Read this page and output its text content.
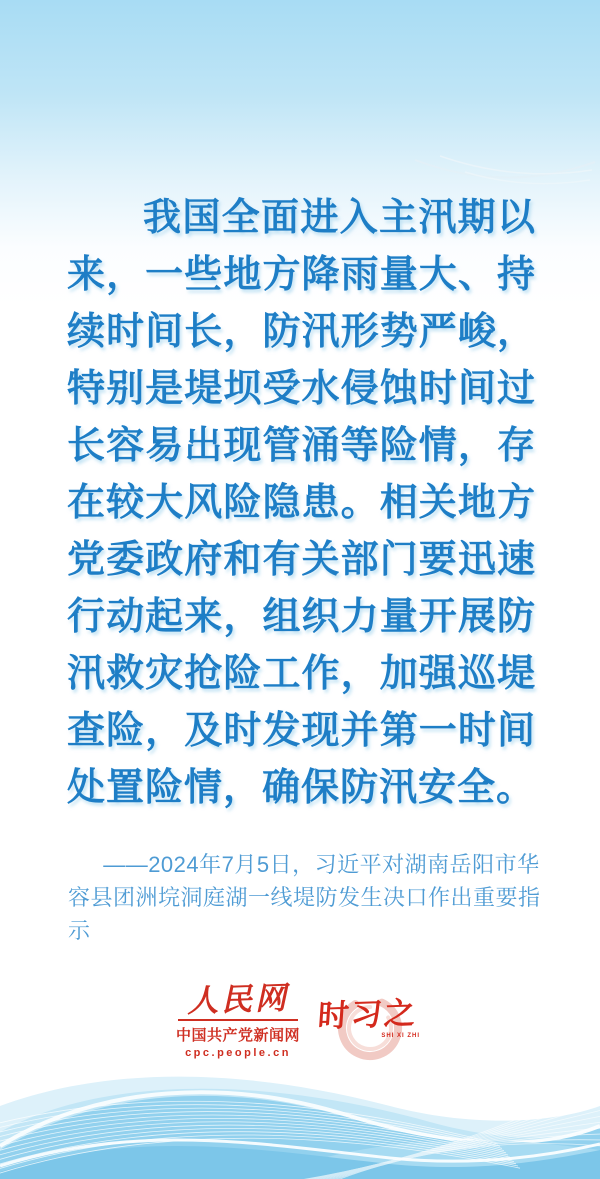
我国全面进入主汛期以来，一些地方降雨量大、持续时间长，防汛形势严峻，特别是堤坝受水侵蚀时间过长容易出现管涌等险情，存在较大风险隐患。相关地方党委政府和有关部门要迅速行动起来，组织力量开展防汛救灾抢险工作，加强巡堤查险，及时发现并第一时间处置险情，确保防汛安全。
——2024年7月5日，习近平对湖南岳阳市华容县团洲垸洞庭湖一线堤防发生决口作出重要指示
人民网
中国共产党新闻网
cpc.people.cn
时习之
SHI XI ZHI
